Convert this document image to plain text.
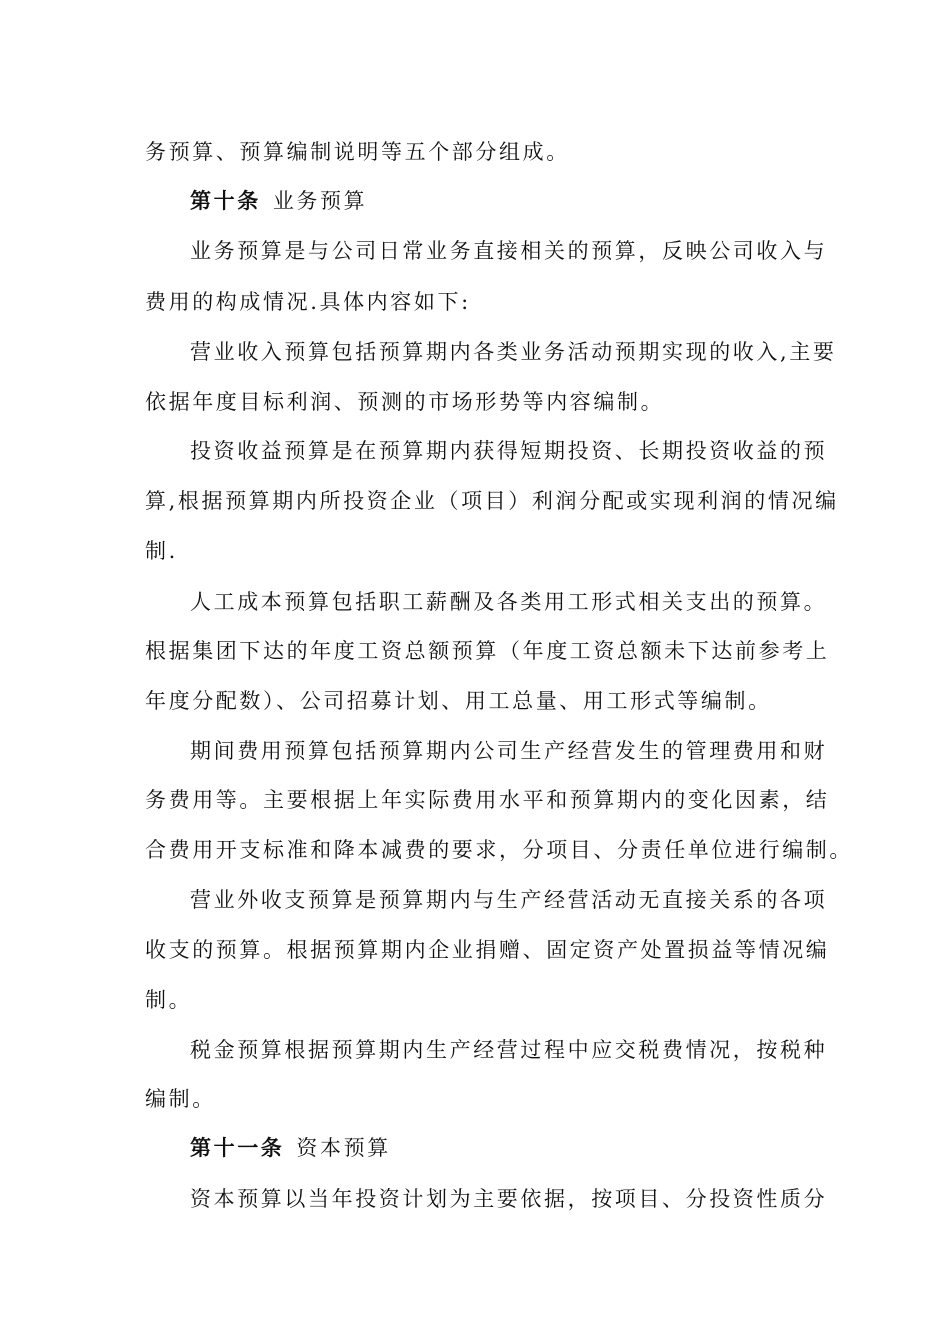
务预算、预算编制说明等五个部分组成。
第十条 业务预算
业务预算是与公司日常业务直接相关的预算，反映公司收入与
费用的构成情况.具体内容如下:
营业收入预算包括预算期内各类业务活动预期实现的收入,主要
依据年度目标利润、预测的市场形势等内容编制。
投资收益预算是在预算期内获得短期投资、长期投资收益的预
算,根据预算期内所投资企业（项目）利润分配或实现利润的情况编
制.
人工成本预算包括职工薪酬及各类用工形式相关支出的预算。
根据集团下达的年度工资总额预算（年度工资总额未下达前参考上
年度分配数）、公司招募计划、用工总量、用工形式等编制。
期间费用预算包括预算期内公司生产经营发生的管理费用和财
务费用等。主要根据上年实际费用水平和预算期内的变化因素，结
合费用开支标准和降本减费的要求，分项目、分责任单位进行编制。
营业外收支预算是预算期内与生产经营活动无直接关系的各项
收支的预算。根据预算期内企业捐赠、固定资产处置损益等情况编
制。
税金预算根据预算期内生产经营过程中应交税费情况，按税种
编制。
第十一条 资本预算
资本预算以当年投资计划为主要依据，按项目、分投资性质分
